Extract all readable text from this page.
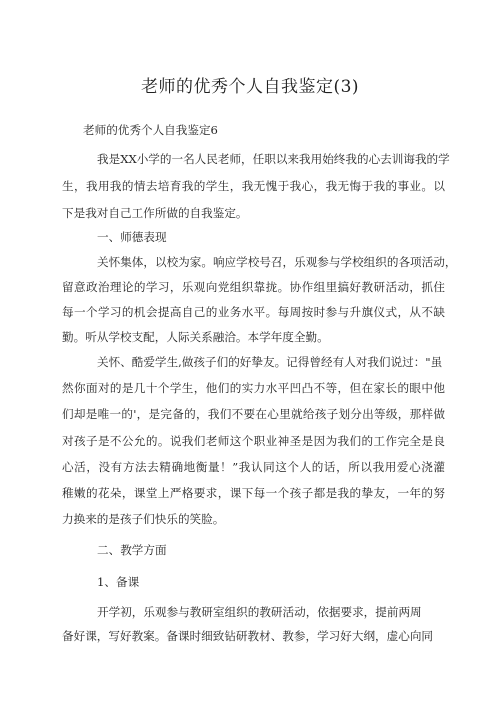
老师的优秀个人自我鉴定(3)
老师的优秀个人自我鉴定6
我是XX小学的一名人民老师，任职以来我用始终我的心去训诲我的学
生，我用我的情去培育我的学生，我无愧于我心，我无悔于我的事业。以
下是我对自己工作所做的自我鉴定。
一、师德表现
关怀集体，以校为家。响应学校号召，乐观参与学校组织的各项活动，
留意政治理论的学习，乐观向党组织靠拢。协作组里搞好教研活动，抓住
每一个学习的机会提高自己的业务水平。每周按时参与升旗仪式，从不缺
勤。听从学校支配，人际关系融洽。本学年度全勤。
关怀、酷爱学生,做孩子们的好挚友。记得曾经有人对我们说过："虽
然你面对的是几十个学生，他们的实力水平凹凸不等，但在家长的眼中他
们却是唯一的'，是完备的，我们不要在心里就给孩子划分出等级，那样做
对孩子是不公允的。说我们老师这个职业神圣是因为我们的工作完全是良
心活，没有方法去精确地衡量！”我认同这个人的话，所以我用爱心浇灌
稚嫩的花朵，课堂上严格要求，课下每一个孩子都是我的挚友，一年的努
力换来的是孩子们快乐的笑脸。
二、教学方面
1、备课
开学初，乐观参与教研室组织的教研活动，依据要求，提前两周
备好课，写好教案。备课时细致钻研教材、教参，学习好大纲，虚心向同
